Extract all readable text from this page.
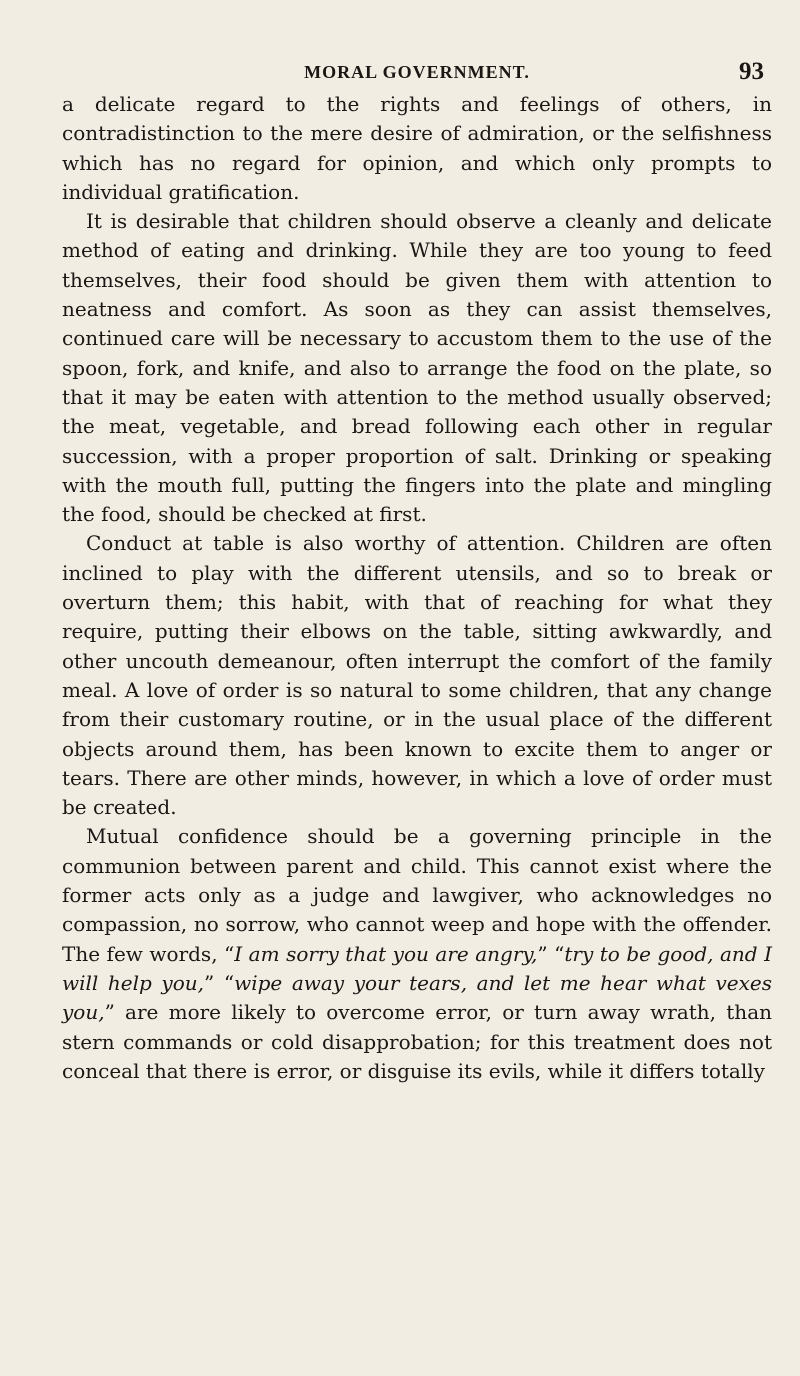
MORAL GOVERNMENT.	93

a delicate regard to the rights and feelings of others, in contradistinction to the mere desire of admiration, or the selfishness which has no regard for opinion, and which only prompts to individual gratification.

It is desirable that children should observe a cleanly and delicate method of eating and drinking. While they are too young to feed themselves, their food should be given them with attention to neatness and comfort. As soon as they can assist themselves, continued care will be necessary to accustom them to the use of the spoon, fork, and knife, and also to arrange the food on the plate, so that it may be eaten with attention to the method usually observed; the meat, vegetable, and bread following each other in regular succession, with a proper proportion of salt. Drinking or speaking with the mouth full, putting the fingers into the plate and mingling the food, should be checked at first.

Conduct at table is also worthy of attention. Children are often inclined to play with the different utensils, and so to break or overturn them; this habit, with that of reaching for what they require, putting their elbows on the table, sitting awkwardly, and other uncouth demeanour, often interrupt the comfort of the family meal. A love of order is so natural to some children, that any change from their customary routine, or in the usual place of the different objects around them, has been known to excite them to anger or tears. There are other minds, however, in which a love of order must be created.

Mutual confidence should be a governing principle in the communion between parent and child. This cannot exist where the former acts only as a judge and lawgiver, who acknowledges no compassion, no sorrow, who cannot weep and hope with the offender. The few words, “I am sorry that you are angry,” “try to be good, and I will help you,” “wipe away your tears, and let me hear what vexes you,” are more likely to overcome error, or turn away wrath, than stern commands or cold disapprobation; for this treatment does not conceal that there is error, or disguise its evils, while it differs totally
